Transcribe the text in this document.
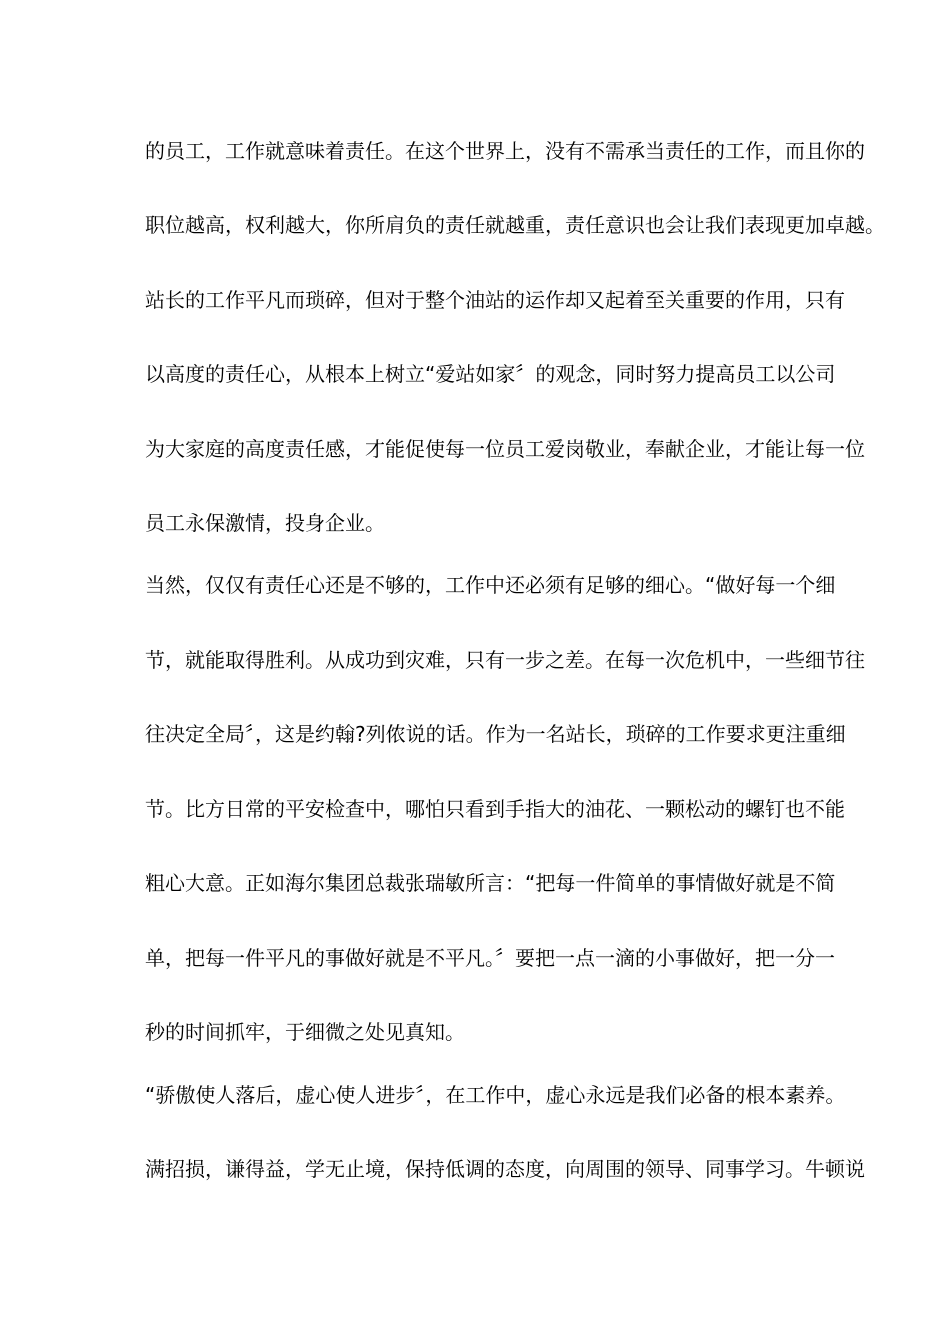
的员工，工作就意味着责任。在这个世界上，没有不需承当责任的工作，而且你的
职位越高，权利越大，你所肩负的责任就越重，责任意识也会让我们表现更加卓越。
站长的工作平凡而琐碎，但对于整个油站的运作却又起着至关重要的作用，只有
以高度的责任心，从根本上树立“爱站如家〞的观念，同时努力提高员工以公司
为大家庭的高度责任感，才能促使每一位员工爱岗敬业，奉献企业，才能让每一位
员工永保激情，投身企业。
当然，仅仅有责任心还是不够的，工作中还必须有足够的细心。“做好每一个细
节，就能取得胜利。从成功到灾难，只有一步之差。在每一次危机中，一些细节往
往决定全局〞，这是约翰?列侬说的话。作为一名站长，琐碎的工作要求更注重细
节。比方日常的平安检查中，哪怕只看到手指大的油花、一颗松动的螺钉也不能
粗心大意。正如海尔集团总裁张瑞敏所言：“把每一件简单的事情做好就是不简
单，把每一件平凡的事做好就是不平凡。〞要把一点一滴的小事做好，把一分一
秒的时间抓牢，于细微之处见真知。
“骄傲使人落后，虚心使人进步〞，在工作中，虚心永远是我们必备的根本素养。
满招损，谦得益，学无止境，保持低调的态度，向周围的领导、同事学习。牛顿说
